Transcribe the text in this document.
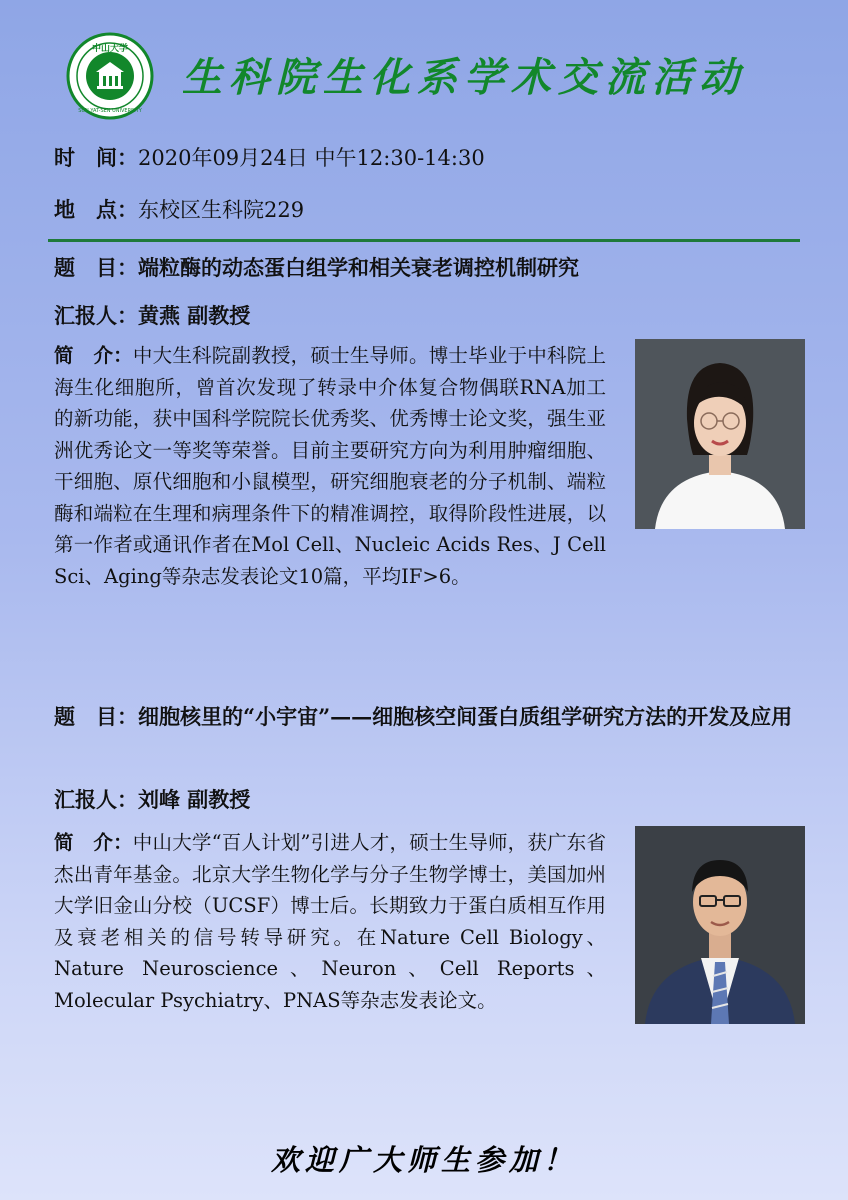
中山大学
SUN YAT-SEN UNIVERSITY
生科院生化系学术交流活动
时　间：2020年09月24日 中午12:30-14:30
地　点：东校区生科院229
题　目：端粒酶的动态蛋白组学和相关衰老调控机制研究
汇报人：黄燕 副教授
简　介：中大生科院副教授，硕士生导师。博士毕业于中科院上海生化细胞所，曾首次发现了转录中介体复合物偶联RNA加工的新功能，获中国科学院院长优秀奖、优秀博士论文奖，强生亚洲优秀论文一等奖等荣誉。目前主要研究方向为利用肿瘤细胞、干细胞、原代细胞和小鼠模型，研究细胞衰老的分子机制、端粒酶和端粒在生理和病理条件下的精准调控，取得阶段性进展，以第一作者或通讯作者在Mol Cell、Nucleic Acids Res、J Cell Sci、Aging等杂志发表论文10篇，平均IF>6。
题　目：细胞核里的“小宇宙”——细胞核空间蛋白质组学研究方法的开发及应用
汇报人：刘峰 副教授
简　介：中山大学“百人计划”引进人才，硕士生导师，获广东省杰出青年基金。北京大学生物化学与分子生物学博士，美国加州大学旧金山分校（UCSF）博士后。长期致力于蛋白质相互作用及衰老相关的信号转导研究。在Nature Cell Biology、Nature Neuroscience、Neuron、Cell Reports、Molecular Psychiatry、PNAS等杂志发表论文。

欢迎广大师生参加！
